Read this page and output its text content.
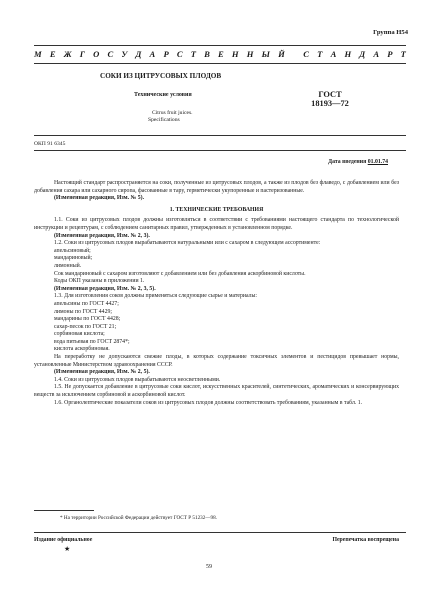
Группа Н54
М Е Ж Г О С У Д А Р С Т В Е Н Н Ы Й
С Т А Н Д А Р Т
СОКИ ИЗ ЦИТРУСОВЫХ ПЛОДОВ
Технические условия
Citrus fruit juices.
Specifications
ГОСТ
18193—72
ОКП 91 6345
Дата введения 01.01.74

Настоящий стандарт распространяется на соки, полученные из цитрусовых плодов, а также из плодов без флаведо, с добавлением или без добавления сахара или сахарного сиропа, фасованные в тару, герметически укупоренные и пастеризованные.

(Измененная редакция, Изм. № 5).

1. ТЕХНИЧЕСКИЕ ТРЕБОВАНИЯ

1.1. Соки из цитрусовых плодов должны изготовляться в соответствии с требованиями настоящего стандарта по технологической инструкции и рецептурам, с соблюдением санитарных правил, утвержденных в установленном порядке.

(Измененная редакция, Изм. № 2, 3).

1.2. Соки из цитрусовых плодов вырабатываются натуральными или с сахаром в следующем ассортименте:

апельсиновый;

мандариновый;

лимонный.

Сок мандариновый с сахаром изготовляют с добавлением или без добавления аскорбиновой кислоты.

Коды ОКП указаны в приложении 1.

(Измененная редакция, Изм. № 2, 3, 5).

1.3. Для изготовления соков должны применяться следующие сырье и материалы:

апельсины по ГОСТ 4427;

лимоны по ГОСТ 4429;

мандарины по ГОСТ 4428;

сахар-песок по ГОСТ 21;

сорбиновая кислота;

вода питьевая по ГОСТ 2874*;

кислота аскорбиновая.

На переработку не допускаются свежие плоды, в которых содержание токсичных элементов и пестицидов превышает нормы, установленные Министерством здравоохранения СССР.

(Измененная редакция, Изм. № 2, 5).

1.4. Соки из цитрусовых плодов вырабатываются неосветленными.

1.5. Не допускается добавление в цитрусовые соки кислот, искусственных красителей, синтетических, ароматических и консервирующих веществ за исключением сорбиновой и аскорбиновой кислот.

1.6. Органолептические показатели соков из цитрусовых плодов должны соответствовать требованиям, указанным в табл. 1.

* На территории Российской Федерации действует ГОСТ Р 51232—98.
Издание официальное	Перепечатка воспрещена
★
59
